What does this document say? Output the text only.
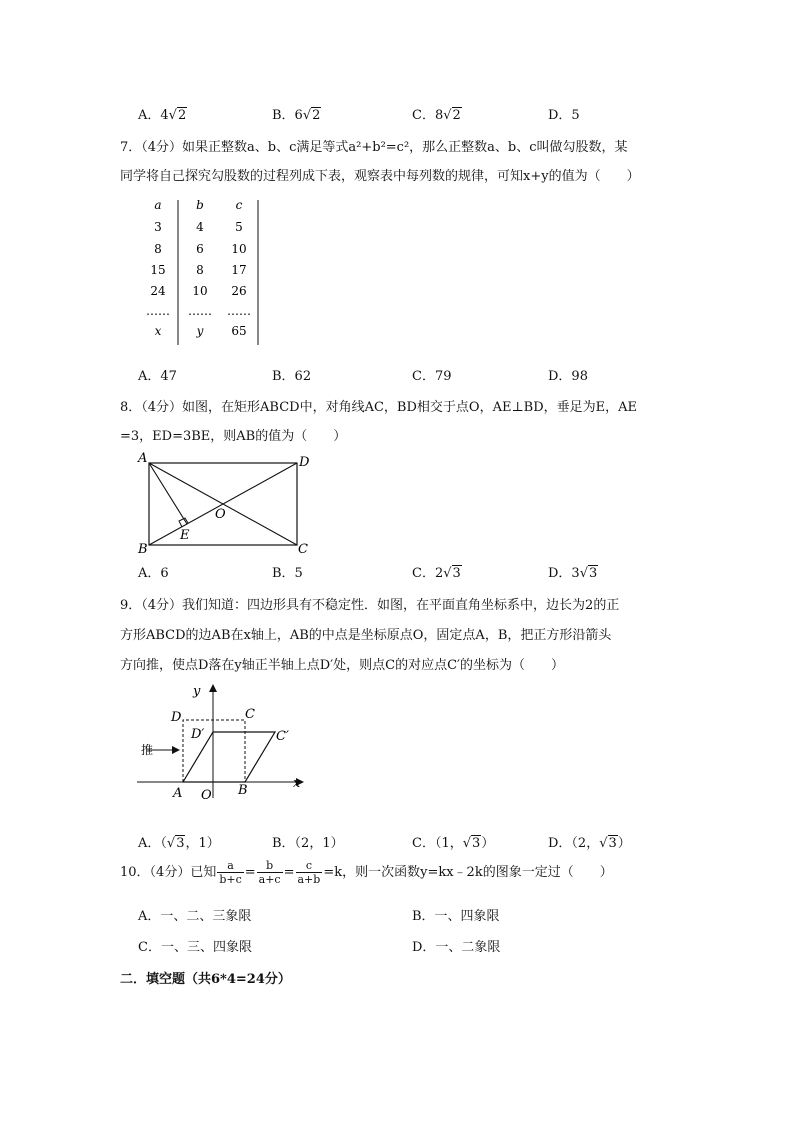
A．4√2	B．6√2	C．8√2	D．5
7．（4分）如果正整数a、b、c满足等式a²+b²=c²，那么正整数a、b、c叫做勾股数，某
同学将自己探究勾股数的过程列成下表，观察表中每列数的规律，可知x+y的值为（　　）
a	b	c
3	4	5
8	6 10
15	8 17
24 10 26
…… …… ……
x	y 65
A．47	B．62	C．79	D．98
8．（4分）如图，在矩形ABCD中，对角线AC，BD相交于点O，AE⊥BD，垂足为E，AE
=3，ED=3BE，则AB的值为（　　）
A
B	C
D
E
O
A．6	B．5	C．2√3	D．3√3
9．（4分）我们知道：四边形具有不稳定性．如图，在平面直角坐标系中，边长为2的正
方形ABCD的边AB在x轴上，AB的中点是坐标原点O，固定点A，B，把正方形沿箭头
方向推，使点D落在y轴正半轴上点D′处，则点C的对应点C′的坐标为（　　）
y
x
D	C
D′	C′
推
A O B
A．（√3，1）	B．（2，1）	C．（1，√3）	D．（2，√3）
10．（4分）已知 $\frac{a}{b+c} = \frac{b}{a+c} = \frac{c}{a+b} =k$，则一次函数y=kx﹣2k的图象一定过（　　）
A．一、二、三象限	B．一、四象限
C．一、三、四象限	D．一、二象限
二．填空题（共6*4=24分）
